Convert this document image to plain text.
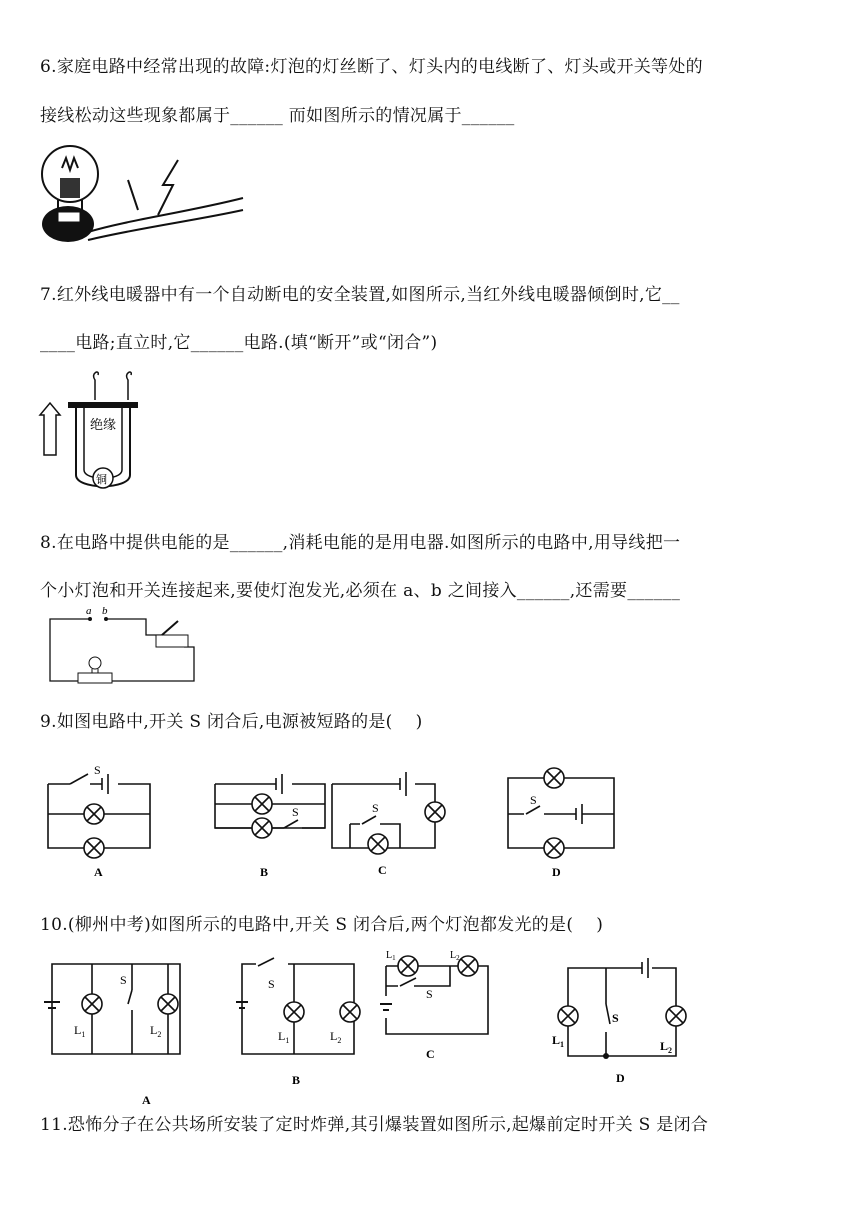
6.家庭电路中经常出现的故障:灯泡的灯丝断了、灯头内的电线断了、灯头或开关等处的
接线松动这些现象都属于______ 而如图所示的情况属于______
7.红外线电暖器中有一个自动断电的安全装置,如图所示,当红外线电暖器倾倒时,它__
____电路;直立时,它______电路.(填“断开”或“闭合”)
绝缘
铜
8.在电路中提供电能的是______,消耗电能的是用电器.如图所示的电路中,用导线把一
个小灯泡和开关连接起来,要使灯泡发光,必须在 a、b 之间接入______,还需要______
a b
9.如图电路中,开关 S 闭合后,电源被短路的是(　 )
S
S	S
S
A	B	C	D
10.(柳州中考)如图所示的电路中,开关 S 闭合后,两个灯泡都发光的是(　 )
S
$L_1$	$L_2$
A
S
$L_1$	$L_2$
B
S
$L_1$	$L_2$
C
S
$L_1$	$L_2$
D
11.恐怖分子在公共场所安装了定时炸弹,其引爆装置如图所示,起爆前定时开关 S 是闭合
